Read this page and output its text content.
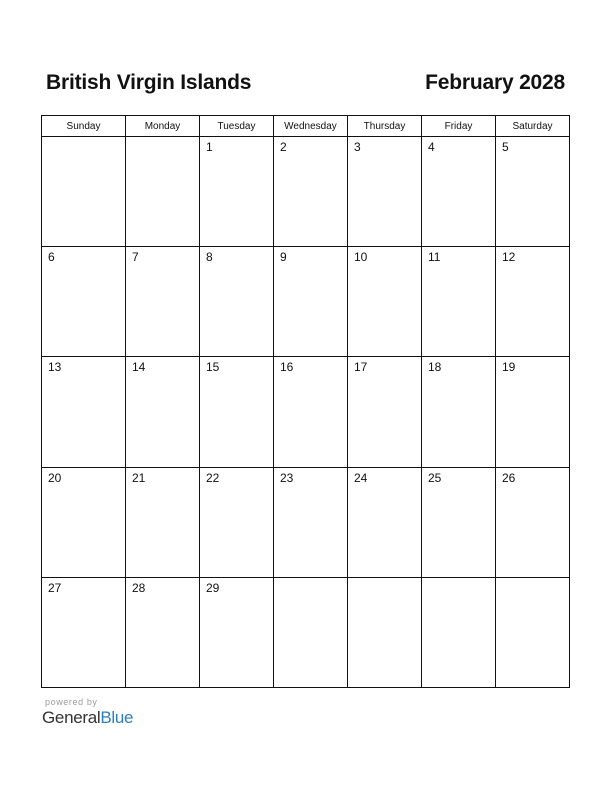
British Virgin Islands	February 2028
Sunday	Monday	Tuesday	Wednesday	Thursday	Friday	Saturday

		1	2	3	4	5

6	7	8	9	10	11	12

13	14	15	16	17	18	19

20	21	22	23	24	25	26

27	28	29				

powered by
GeneralBlue
